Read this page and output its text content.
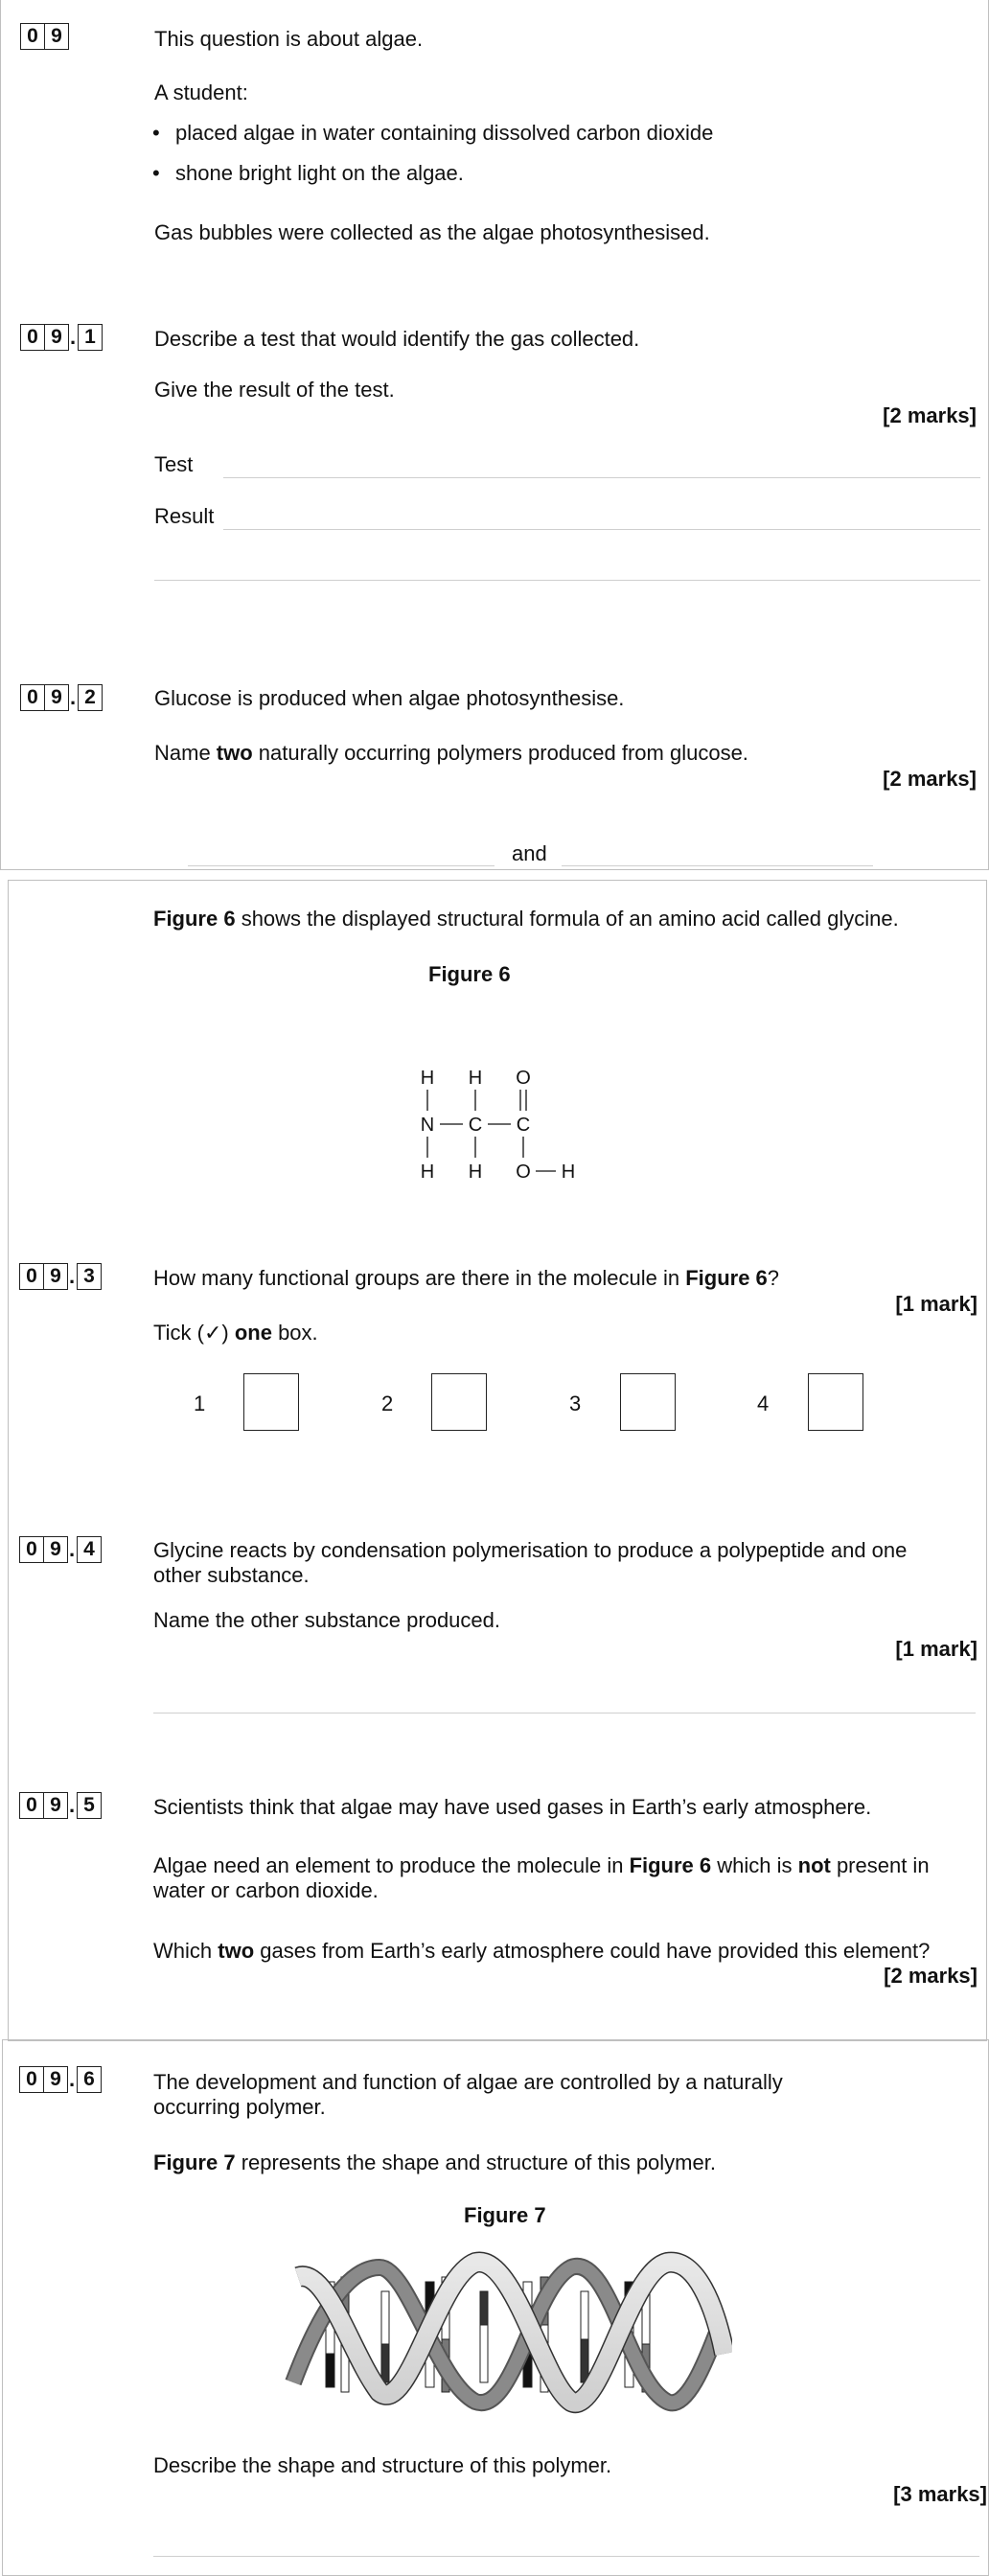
0 9	This question is about algae.
A student:
placed algae in water containing dissolved carbon dioxide
shone bright light on the algae.
Gas bubbles were collected as the algae photosynthesised.
0 9 . 1	Describe a test that would identify the gas collected.
Give the result of the test.
[2 marks]
Test
Result
0 9 . 2	Glucose is produced when algae photosynthesise.
Name two naturally occurring polymers produced from glucose.
[2 marks]
and
Figure 6 shows the displayed structural formula of an amino acid called glycine.
Figure 6
H H O
N C C
H H O H
0 9 . 3	How many functional groups are there in the molecule in Figure 6?
[1 mark]
Tick (✓) one box.
1	2	3	4
0 9 . 4	Glycine reacts by condensation polymerisation to produce a polypeptide and one other substance.
Name the other substance produced.
[1 mark]
0 9 . 5	Scientists think that algae may have used gases in Earth’s early atmosphere.
Algae need an element to produce the molecule in Figure 6 which is not present in water or carbon dioxide.
Which two gases from Earth’s early atmosphere could have provided this element?
[2 marks]
0 9 . 6	The development and function of algae are controlled by a naturally occurring polymer.
Figure 7 represents the shape and structure of this polymer.
Figure 7
Describe the shape and structure of this polymer.
[3 marks]
